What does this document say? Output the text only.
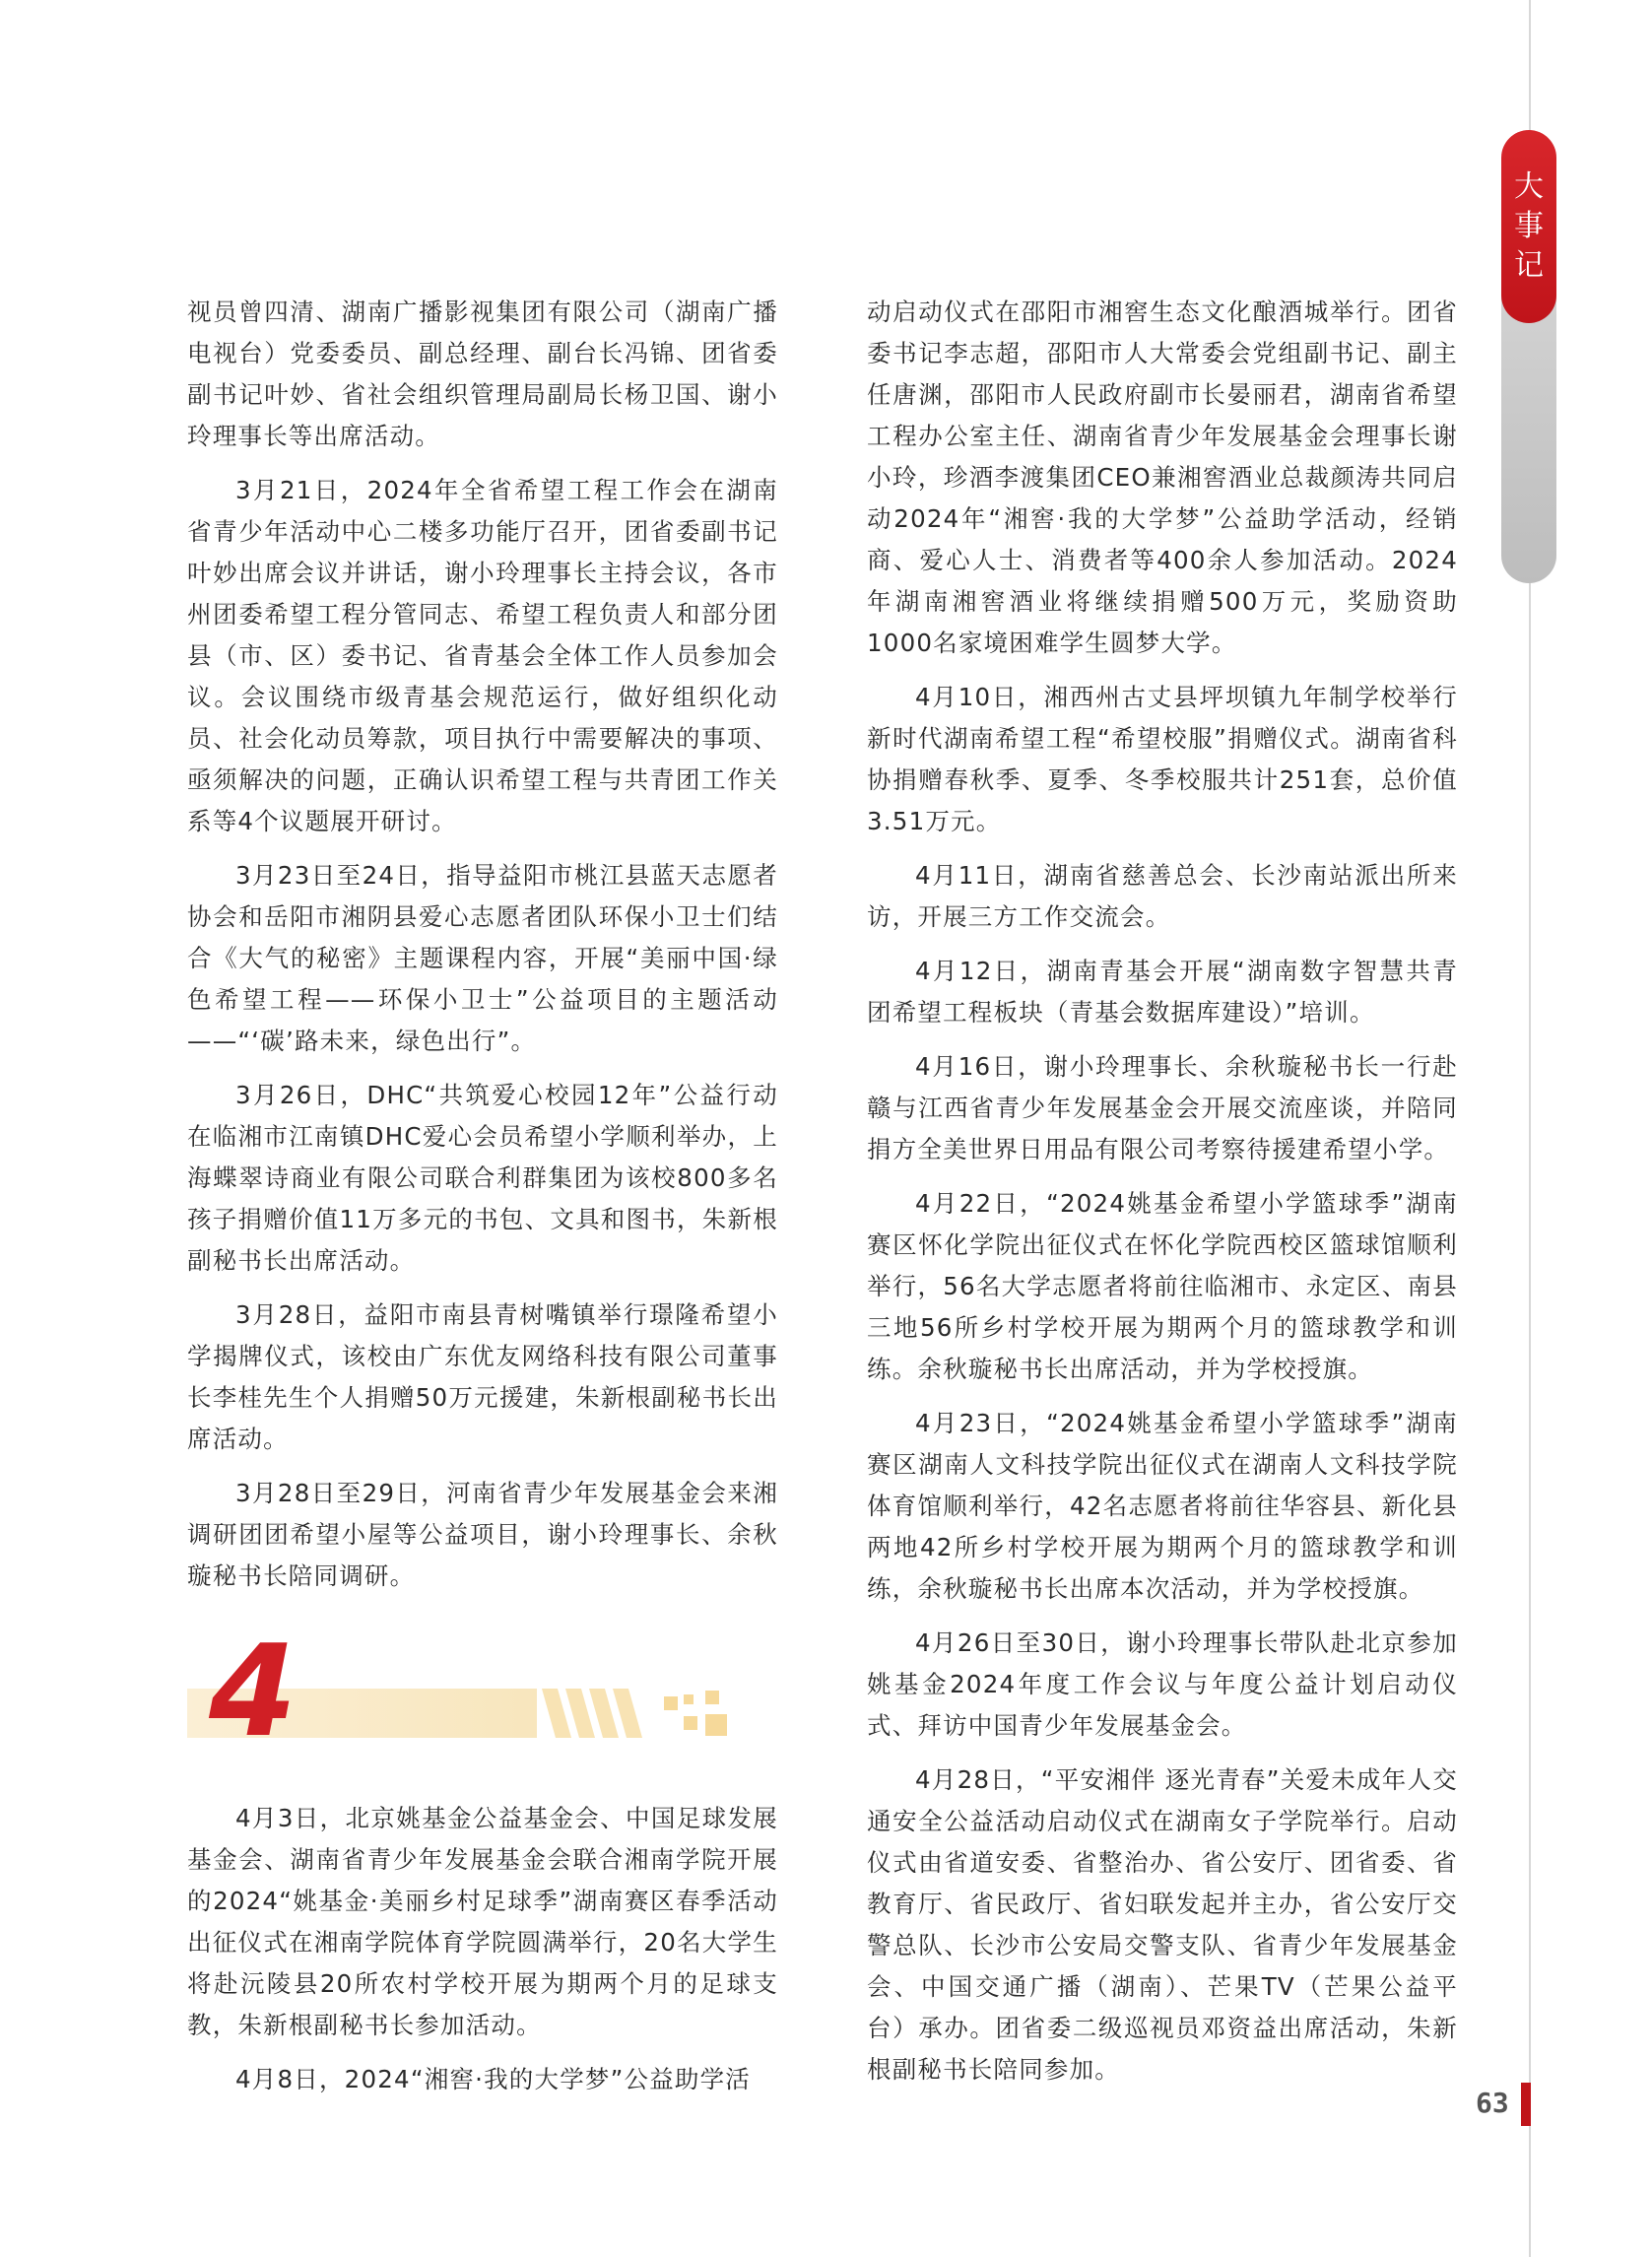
大
事
记

视员曾四清、湖南广播影视集团有限公司（湖南广播电视台）党委委员、副总经理、副台长冯锦、团省委副书记叶妙、省社会组织管理局副局长杨卫国、谢小玲理事长等出席活动。

3月21日，2024年全省希望工程工作会在湖南省青少年活动中心二楼多功能厅召开，团省委副书记叶妙出席会议并讲话，谢小玲理事长主持会议，各市州团委希望工程分管同志、希望工程负责人和部分团县（市、区）委书记、省青基会全体工作人员参加会议。会议围绕市级青基会规范运行，做好组织化动员、社会化动员筹款，项目执行中需要解决的事项、亟须解决的问题，正确认识希望工程与共青团工作关系等4个议题展开研讨。

3月23日至24日，指导益阳市桃江县蓝天志愿者协会和岳阳市湘阴县爱心志愿者团队环保小卫士们结合《大气的秘密》主题课程内容，开展“美丽中国·绿色希望工程——环保小卫士”公益项目的主题活动——“‘碳’路未来，绿色出行”。

3月26日，DHC“共筑爱心校园12年”公益行动在临湘市江南镇DHC爱心会员希望小学顺利举办，上海蝶翠诗商业有限公司联合利群集团为该校800多名孩子捐赠价值11万多元的书包、文具和图书，朱新根副秘书长出席活动。

3月28日，益阳市南县青树嘴镇举行璟隆希望小学揭牌仪式，该校由广东优友网络科技有限公司董事长李桂先生个人捐赠50万元援建，朱新根副秘书长出席活动。

3月28日至29日，河南省青少年发展基金会来湘调研团团希望小屋等公益项目，谢小玲理事长、余秋璇秘书长陪同调研。

4

4月3日，北京姚基金公益基金会、中国足球发展基金会、湖南省青少年发展基金会联合湘南学院开展的2024“姚基金·美丽乡村足球季”湖南赛区春季活动出征仪式在湘南学院体育学院圆满举行，20名大学生将赴沅陵县20所农村学校开展为期两个月的足球支教，朱新根副秘书长参加活动。

4月8日，2024“湘窖·我的大学梦”公益助学活

动启动仪式在邵阳市湘窖生态文化酿酒城举行。团省委书记李志超，邵阳市人大常委会党组副书记、副主任唐渊，邵阳市人民政府副市长晏丽君，湖南省希望工程办公室主任、湖南省青少年发展基金会理事长谢小玲，珍酒李渡集团CEO兼湘窖酒业总裁颜涛共同启动2024年“湘窖·我的大学梦”公益助学活动，经销商、爱心人士、消费者等400余人参加活动。2024年湖南湘窖酒业将继续捐赠500万元，奖励资助1000名家境困难学生圆梦大学。

4月10日，湘西州古丈县坪坝镇九年制学校举行新时代湖南希望工程“希望校服”捐赠仪式。湖南省科协捐赠春秋季、夏季、冬季校服共计251套，总价值3.51万元。

4月11日，湖南省慈善总会、长沙南站派出所来访，开展三方工作交流会。

4月12日，湖南青基会开展“湖南数字智慧共青团希望工程板块（青基会数据库建设）”培训。

4月16日，谢小玲理事长、余秋璇秘书长一行赴赣与江西省青少年发展基金会开展交流座谈，并陪同捐方全美世界日用品有限公司考察待援建希望小学。

4月22日，“2024姚基金希望小学篮球季”湖南赛区怀化学院出征仪式在怀化学院西校区篮球馆顺利举行，56名大学志愿者将前往临湘市、永定区、南县三地56所乡村学校开展为期两个月的篮球教学和训练。余秋璇秘书长出席活动，并为学校授旗。

4月23日，“2024姚基金希望小学篮球季”湖南赛区湖南人文科技学院出征仪式在湖南人文科技学院体育馆顺利举行，42名志愿者将前往华容县、新化县两地42所乡村学校开展为期两个月的篮球教学和训练，余秋璇秘书长出席本次活动，并为学校授旗。

4月26日至30日，谢小玲理事长带队赴北京参加姚基金2024年度工作会议与年度公益计划启动仪式、拜访中国青少年发展基金会。

4月28日，“平安湘伴 逐光青春”关爱未成年人交通安全公益活动启动仪式在湖南女子学院举行。启动仪式由省道安委、省整治办、省公安厅、团省委、省教育厅、省民政厅、省妇联发起并主办，省公安厅交警总队、长沙市公安局交警支队、省青少年发展基金会、中国交通广播（湖南）、芒果TV（芒果公益平台）承办。团省委二级巡视员邓资益出席活动，朱新根副秘书长陪同参加。

63
